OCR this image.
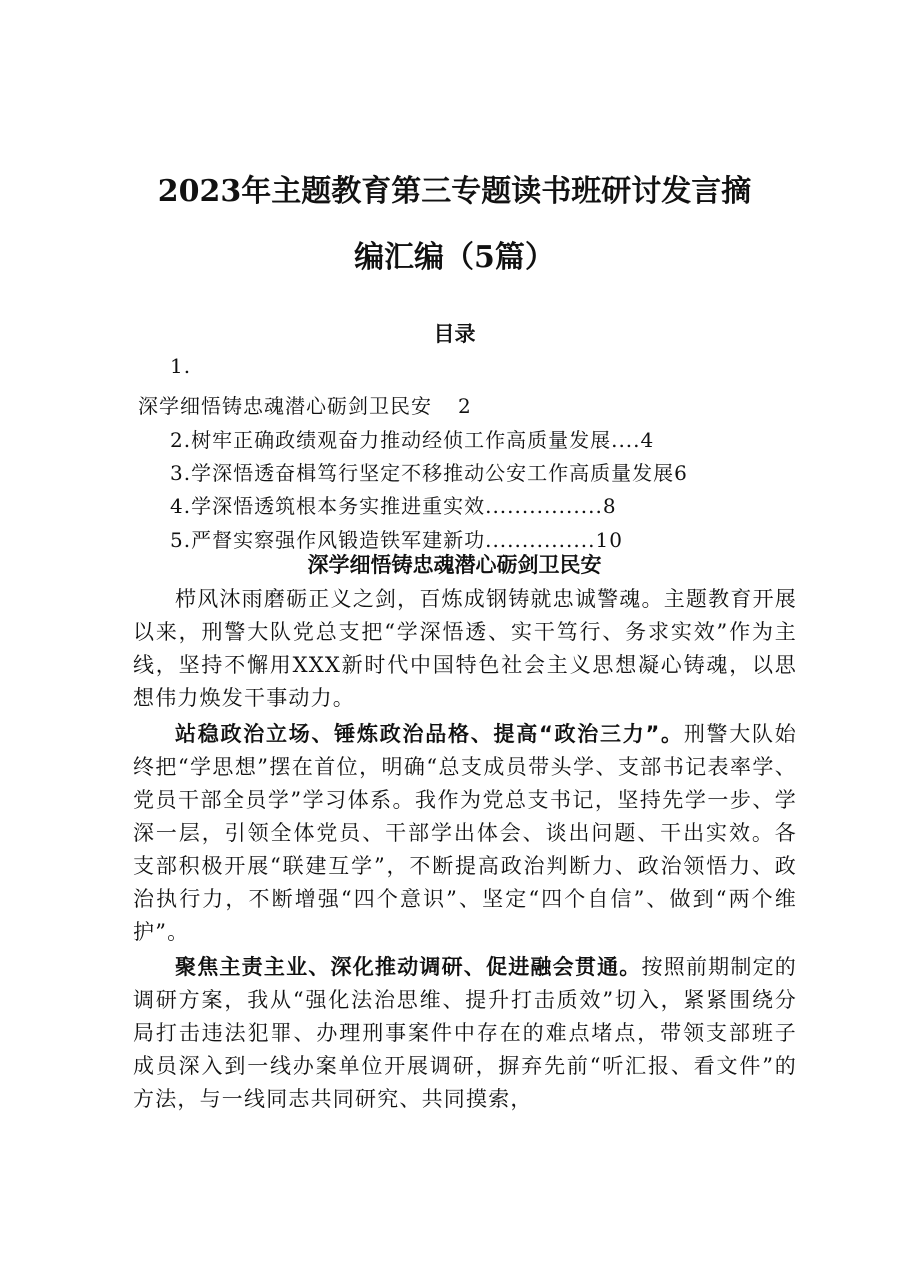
2023年主题教育第三专题读书班研讨发言摘
编汇编（5篇）
目录
1.
深学细悟铸忠魂潜心砺剑卫民安 2
2.树牢正确政绩观奋力推动经侦工作高质量发展....4
3.学深悟透奋楫笃行坚定不移推动公安工作高质量发展6
4.学深悟透筑根本务实推进重实效................8
5.严督实察强作风锻造铁军建新功...............10
深学细悟铸忠魂潜心砺剑卫民安

栉风沐雨磨砺正义之剑，百炼成钢铸就忠诚警魂。主题教育开展以来，刑警大队党总支把“学深悟透、实干笃行、务求实效”作为主线，坚持不懈用XXX新时代中国特色社会主义思想凝心铸魂，以思想伟力焕发干事动力。

站稳政治立场、锤炼政治品格、提高“政治三力”。刑警大队始终把“学思想”摆在首位，明确“总支成员带头学、支部书记表率学、党员干部全员学”学习体系。我作为党总支书记，坚持先学一步、学深一层，引领全体党员、干部学出体会、谈出问题、干出实效。各支部积极开展“联建互学”，不断提高政治判断力、政治领悟力、政治执行力，不断增强“四个意识”、坚定“四个自信”、做到“两个维护”。

聚焦主责主业、深化推动调研、促进融会贯通。按照前期制定的调研方案，我从“强化法治思维、提升打击质效”切入，紧紧围绕分局打击违法犯罪、办理刑事案件中存在的难点堵点，带领支部班子成员深入到一线办案单位开展调研，摒弃先前“听汇报、看文件”的方法，与一线同志共同研究、共同摸索，
